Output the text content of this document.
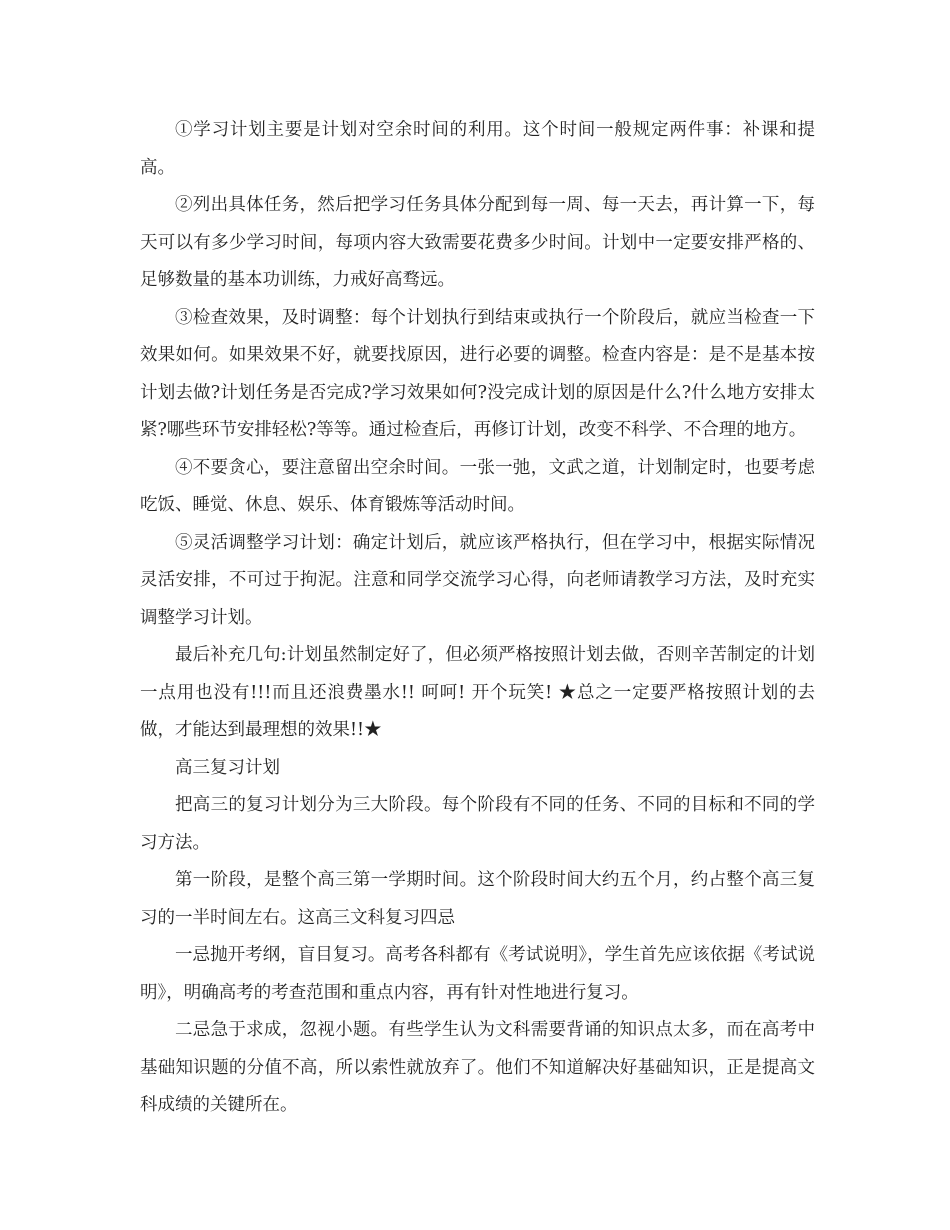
①学习计划主要是计划对空余时间的利用。这个时间一般规定两件事：补课和提高。

②列出具体任务，然后把学习任务具体分配到每一周、每一天去，再计算一下，每天可以有多少学习时间，每项内容大致需要花费多少时间。计划中一定要安排严格的、足够数量的基本功训练，力戒好高骛远。

③检查效果，及时调整：每个计划执行到结束或执行一个阶段后，就应当检查一下效果如何。如果效果不好，就要找原因，进行必要的调整。检查内容是：是不是基本按计划去做?计划任务是否完成?学习效果如何?没完成计划的原因是什么?什么地方安排太紧?哪些环节安排轻松?等等。通过检查后，再修订计划，改变不科学、不合理的地方。

④不要贪心，要注意留出空余时间。一张一弛，文武之道，计划制定时，也要考虑吃饭、睡觉、休息、娱乐、体育锻炼等活动时间。

⑤灵活调整学习计划：确定计划后，就应该严格执行，但在学习中，根据实际情况灵活安排，不可过于拘泥。注意和同学交流学习心得，向老师请教学习方法，及时充实调整学习计划。

最后补充几句:计划虽然制定好了，但必须严格按照计划去做，否则辛苦制定的计划一点用也没有!!!而且还浪费墨水!! 呵呵! 开个玩笑! ★总之一定要严格按照计划的去做，才能达到最理想的效果!!★

高三复习计划

把高三的复习计划分为三大阶段。每个阶段有不同的任务、不同的目标和不同的学习方法。

第一阶段，是整个高三第一学期时间。这个阶段时间大约五个月，约占整个高三复习的一半时间左右。这高三文科复习四忌

一忌抛开考纲，盲目复习。高考各科都有《考试说明》，学生首先应该依据《考试说明》，明确高考的考查范围和重点内容，再有针对性地进行复习。

二忌急于求成，忽视小题。有些学生认为文科需要背诵的知识点太多，而在高考中基础知识题的分值不高，所以索性就放弃了。他们不知道解决好基础知识，正是提高文科成绩的关键所在。
